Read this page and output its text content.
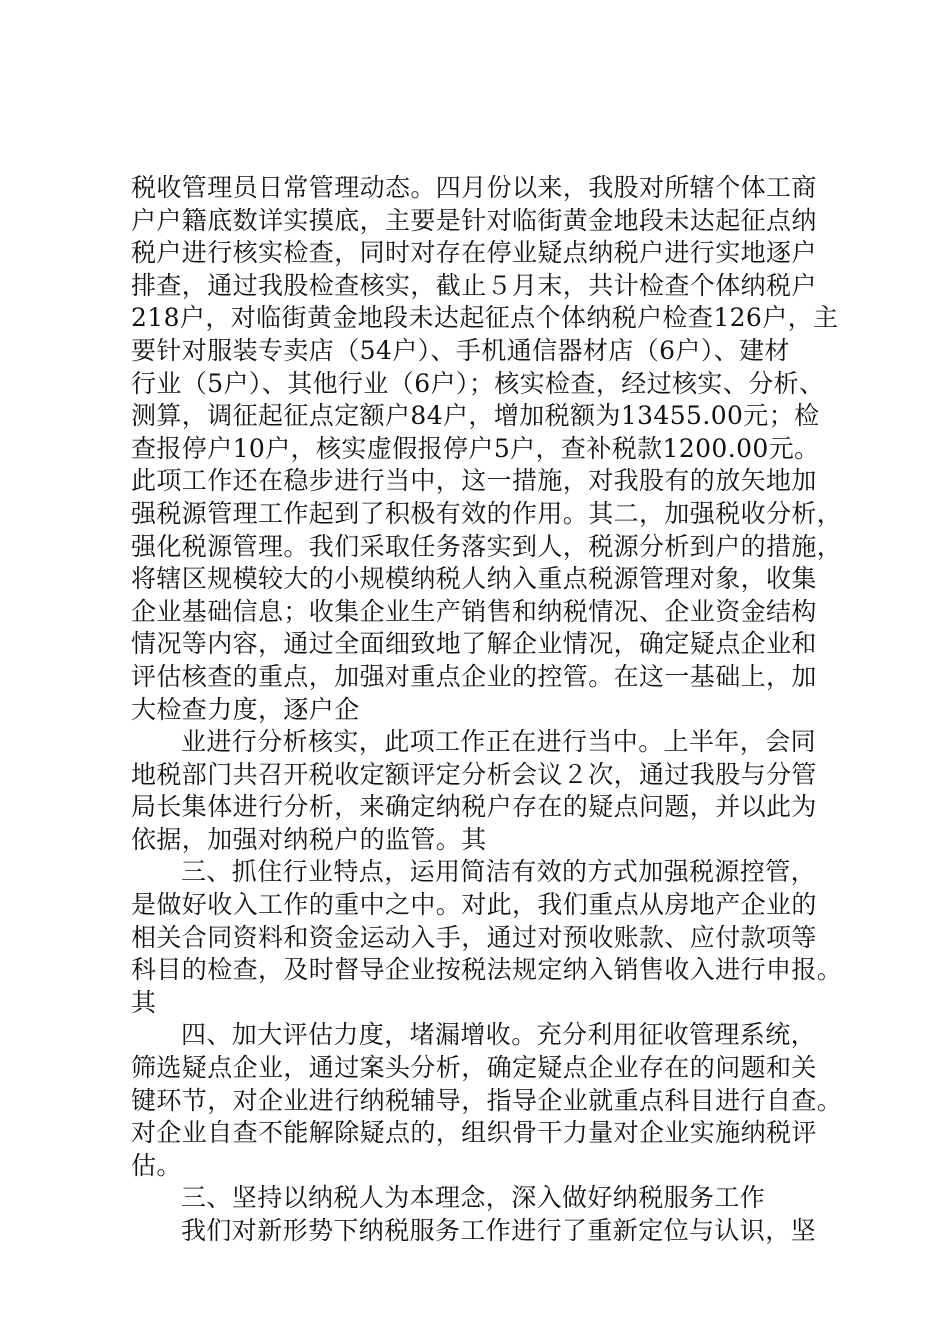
税收管理员日常管理动态。四月份以来，我股对所辖个体工商
户户籍底数详实摸底，主要是针对临街黄金地段未达起征点纳
税户进行核实检查，同时对存在停业疑点纳税户进行实地逐户
排查，通过我股检查核实，截止５月末，共计检查个体纳税户
218户，对临街黄金地段未达起征点个体纳税户检查126户，主
要针对服装专卖店（54户）、手机通信器材店（6户）、建材
行业（5户）、其他行业（6户）；核实检查，经过核实、分析、
测算，调征起征点定额户84户，增加税额为13455.00元；检
查报停户10户，核实虚假报停户5户，查补税款1200.00元。
此项工作还在稳步进行当中，这一措施，对我股有的放矢地加
强税源管理工作起到了积极有效的作用。其二，加强税收分析，
强化税源管理。我们采取任务落实到人，税源分析到户的措施，
将辖区规模较大的小规模纳税人纳入重点税源管理对象，收集
企业基础信息；收集企业生产销售和纳税情况、企业资金结构
情况等内容，通过全面细致地了解企业情况，确定疑点企业和
评估核查的重点，加强对重点企业的控管。在这一基础上，加
大检查力度，逐户企
业进行分析核实，此项工作正在进行当中。上半年，会同
地税部门共召开税收定额评定分析会议２次，通过我股与分管
局长集体进行分析，来确定纳税户存在的疑点问题，并以此为
依据，加强对纳税户的监管。其
三、抓住行业特点，运用简洁有效的方式加强税源控管，
是做好收入工作的重中之中。对此，我们重点从房地产企业的
相关合同资料和资金运动入手，通过对预收账款、应付款项等
科目的检查，及时督导企业按税法规定纳入销售收入进行申报。
其
四、加大评估力度，堵漏增收。充分利用征收管理系统，
筛选疑点企业，通过案头分析，确定疑点企业存在的问题和关
键环节，对企业进行纳税辅导，指导企业就重点科目进行自查。
对企业自查不能解除疑点的，组织骨干力量对企业实施纳税评
估。
三、坚持以纳税人为本理念，深入做好纳税服务工作
我们对新形势下纳税服务工作进行了重新定位与认识，坚
